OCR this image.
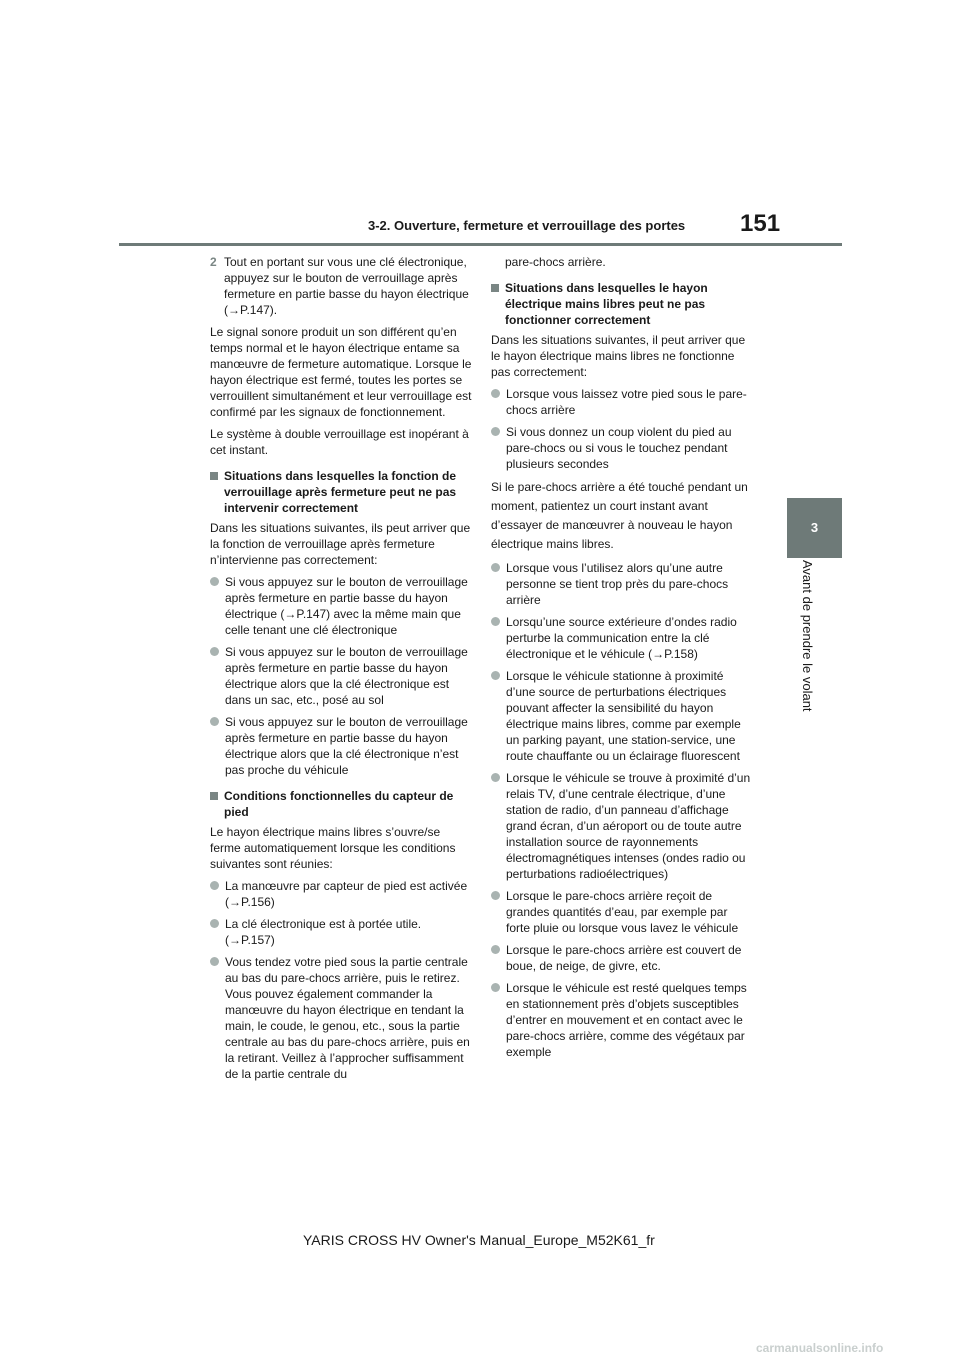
3-2. Ouverture, fermeture et verrouillage des portes 151
3
Avant de prendre le volant
2 Tout en portant sur vous une clé électronique, appuyez sur le bouton de verrouillage après fermeture en partie basse du hayon électrique (→P.147).

Le signal sonore produit un son différent qu’en temps normal et le hayon électrique entame sa manœuvre de fermeture automatique. Lorsque le hayon électrique est fermé, toutes les portes se verrouillent simultanément et leur verrouillage est confirmé par les signaux de fonctionnement.

Le système à double verrouillage est inopérant à cet instant.

Situations dans lesquelles la fonction de verrouillage après fermeture peut ne pas intervenir correctement

Dans les situations suivantes, ils peut arriver que la fonction de verrouillage après fermeture n’intervienne pas correctement:

Si vous appuyez sur le bouton de verrouillage après fermeture en partie basse du hayon électrique (→P.147) avec la même main que celle tenant une clé électronique
Si vous appuyez sur le bouton de verrouillage après fermeture en partie basse du hayon électrique alors que la clé électronique est dans un sac, etc., posé au sol
Si vous appuyez sur le bouton de verrouillage après fermeture en partie basse du hayon électrique alors que la clé électronique n’est pas proche du véhicule
Conditions fonctionnelles du capteur de pied

Le hayon électrique mains libres s’ouvre/se ferme automatiquement lorsque les conditions suivantes sont réunies:

La manœuvre par capteur de pied est activée (→P.156)
La clé électronique est à portée utile.
(→P.157)
Vous tendez votre pied sous la partie centrale au bas du pare-chocs arrière, puis le retirez.
Vous pouvez également commander la manœuvre du hayon électrique en tendant la main, le coude, le genou, etc., sous la partie centrale au bas du pare-chocs arrière, puis en la retirant. Veillez à l’approcher suffisamment de la partie centrale du

pare-chocs arrière.

Situations dans lesquelles le hayon électrique mains libres peut ne pas fonctionner correctement

Dans les situations suivantes, il peut arriver que le hayon électrique mains libres ne fonctionne pas correctement:

Lorsque vous laissez votre pied sous le pare-chocs arrière
Si vous donnez un coup violent du pied au pare-chocs ou si vous le touchez pendant plusieurs secondes

Si le pare-chocs arrière a été touché pendant un moment, patientez un court instant avant d’essayer de manœuvrer à nouveau le hayon électrique mains libres.

Lorsque vous l’utilisez alors qu’une autre personne se tient trop près du pare-chocs arrière
Lorsqu’une source extérieure d’ondes radio perturbe la communication entre la clé électronique et le véhicule (→P.158)
Lorsque le véhicule stationne à proximité d’une source de perturbations électriques pouvant affecter la sensibilité du hayon électrique mains libres, comme par exemple un parking payant, une station-service, une route chauffante ou un éclairage fluorescent
Lorsque le véhicule se trouve à proximité d’un relais TV, d’une centrale électrique, d’une station de radio, d’un panneau d’affichage grand écran, d’un aéroport ou de toute autre installation source de rayonnements électromagnétiques intenses (ondes radio ou perturbations radioélectriques)
Lorsque le pare-chocs arrière reçoit de grandes quantités d’eau, par exemple par forte pluie ou lorsque vous lavez le véhicule
Lorsque le pare-chocs arrière est couvert de boue, de neige, de givre, etc.
Lorsque le véhicule est resté quelques temps en stationnement près d’objets susceptibles d’entrer en mouvement et en contact avec le pare-chocs arrière, comme des végétaux par exemple
YARIS CROSS HV Owner's Manual_Europe_M52K61_fr
carmanualsonline.info
